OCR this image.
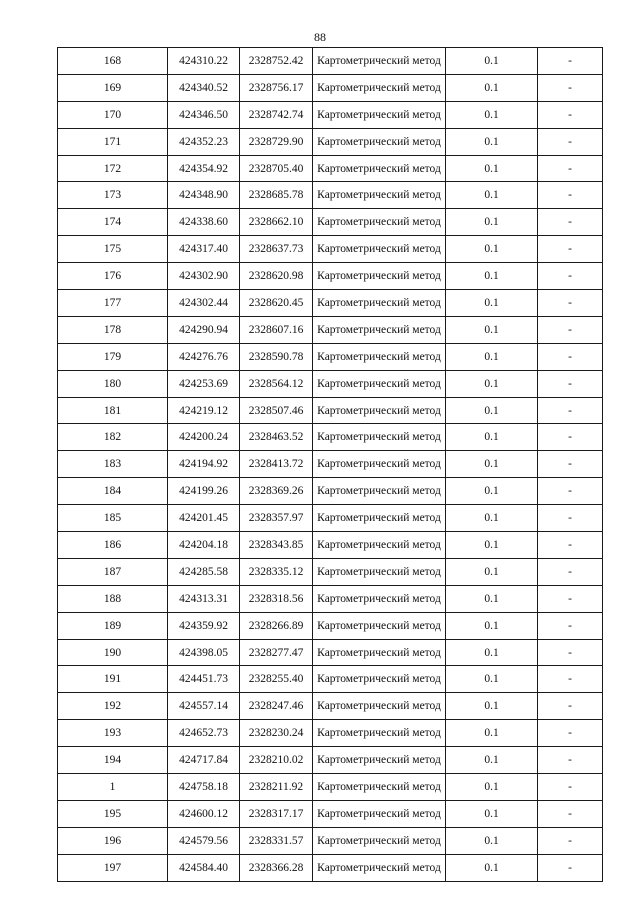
88
168	424310.22	2328752.42	Картометрический метод	0.1	-
169	424340.52	2328756.17	Картометрический метод	0.1	-
170	424346.50	2328742.74	Картометрический метод	0.1	-
171	424352.23	2328729.90	Картометрический метод	0.1	-
172	424354.92	2328705.40	Картометрический метод	0.1	-
173	424348.90	2328685.78	Картометрический метод	0.1	-
174	424338.60	2328662.10	Картометрический метод	0.1	-
175	424317.40	2328637.73	Картометрический метод	0.1	-
176	424302.90	2328620.98	Картометрический метод	0.1	-
177	424302.44	2328620.45	Картометрический метод	0.1	-
178	424290.94	2328607.16	Картометрический метод	0.1	-
179	424276.76	2328590.78	Картометрический метод	0.1	-
180	424253.69	2328564.12	Картометрический метод	0.1	-
181	424219.12	2328507.46	Картометрический метод	0.1	-
182	424200.24	2328463.52	Картометрический метод	0.1	-
183	424194.92	2328413.72	Картометрический метод	0.1	-
184	424199.26	2328369.26	Картометрический метод	0.1	-
185	424201.45	2328357.97	Картометрический метод	0.1	-
186	424204.18	2328343.85	Картометрический метод	0.1	-
187	424285.58	2328335.12	Картометрический метод	0.1	-
188	424313.31	2328318.56	Картометрический метод	0.1	-
189	424359.92	2328266.89	Картометрический метод	0.1	-
190	424398.05	2328277.47	Картометрический метод	0.1	-
191	424451.73	2328255.40	Картометрический метод	0.1	-
192	424557.14	2328247.46	Картометрический метод	0.1	-
193	424652.73	2328230.24	Картометрический метод	0.1	-
194	424717.84	2328210.02	Картометрический метод	0.1	-
1	424758.18	2328211.92	Картометрический метод	0.1	-
195	424600.12	2328317.17	Картометрический метод	0.1	-
196	424579.56	2328331.57	Картометрический метод	0.1	-
197	424584.40	2328366.28	Картометрический метод	0.1	-
